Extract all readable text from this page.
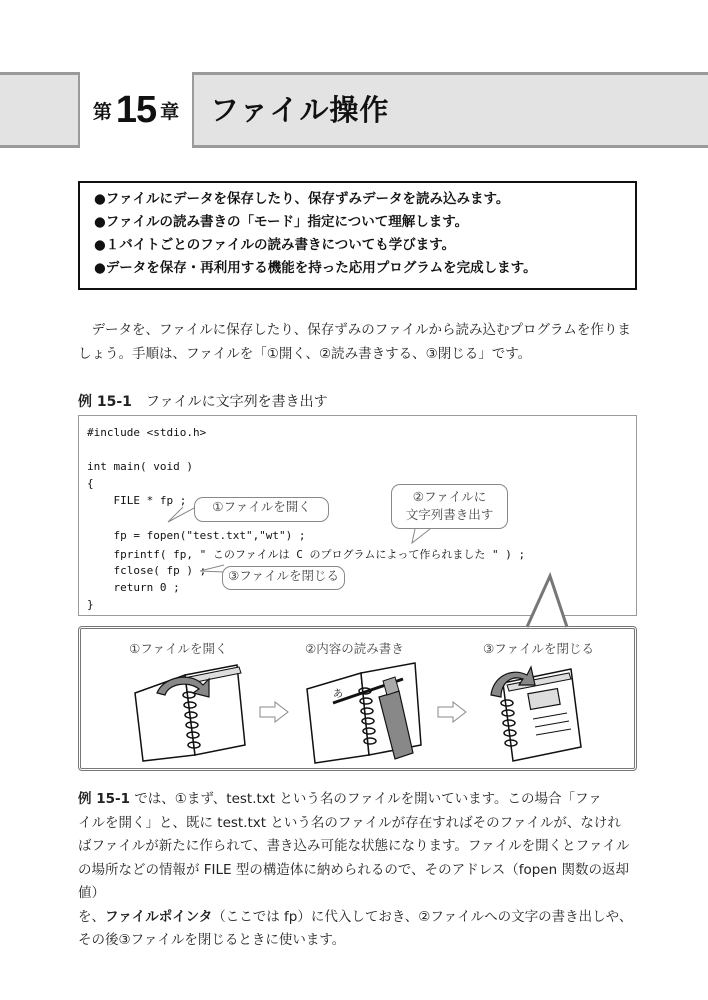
第 15 章 ファイル操作
●ファイルにデータを保存したり、保存ずみデータを読み込みます。
●ファイルの読み書きの「モード」指定について理解します。
●１バイトごとのファイルの読み書きについても学びます。
●データを保存・再利用する機能を持った応用プログラムを完成します。
　データを、ファイルに保存したり、保存ずみのファイルから読み込むプログラムを作りま
しょう。手順は、ファイルを「①開く、②読み書きする、③閉じる」です。
例 15-1 ファイルに文字列を書き出す
#include <stdio.h>
int main( void )
{
FILE * fp ;
fp = fopen("test.txt","wt") ;
fprintf( fp, " このファイルは C のプログラムによって作られました " ) ;
fclose( fp ) ;
return 0 ;
}
①ファイルを開く
②ファイルに
文字列書き出す
③ファイルを閉じる
①ファイルを開く	②内容の読み書き	③ファイルを閉じる
あ
例 15-1 では、①まず、test.txt という名のファイルを開いています。この場合「ファ
イルを開く」と、既に test.txt という名のファイルが存在すればそのファイルが、なけれ
ばファイルが新たに作られて、書き込み可能な状態になります。ファイルを開くとファイル
の場所などの情報が FILE 型の構造体に納められるので、そのアドレス（fopen 関数の返却値）
を、ファイルポインタ（ここでは fp）に代入しておき、②ファイルへの文字の書き出しや、
その後③ファイルを閉じるときに使います。
